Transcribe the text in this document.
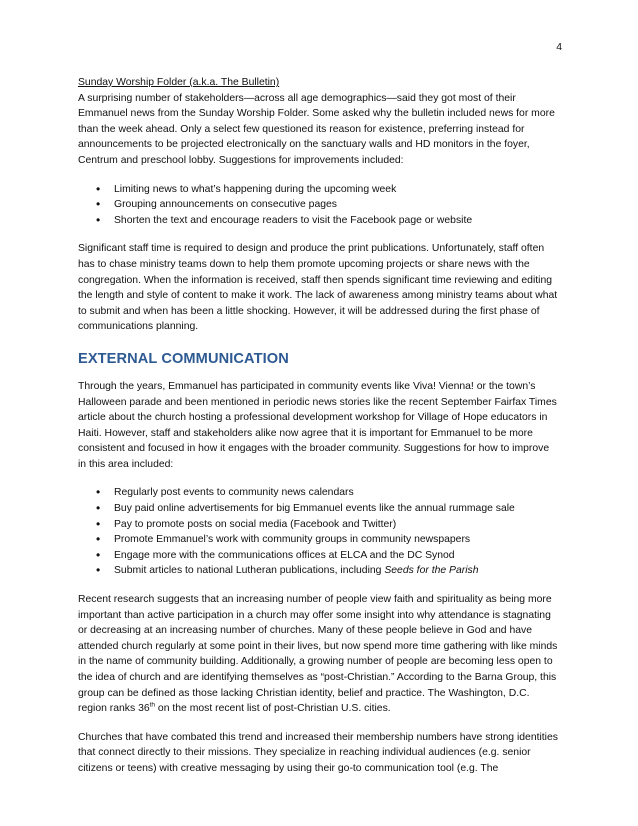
4

Sunday Worship Folder (a.k.a. The Bulletin)

A surprising number of stakeholders—across all age demographics—said they got most of their Emmanuel news from the Sunday Worship Folder. Some asked why the bulletin included news for more than the week ahead. Only a select few questioned its reason for existence, preferring instead for announcements to be projected electronically on the sanctuary walls and HD monitors in the foyer, Centrum and preschool lobby. Suggestions for improvements included:

• Limiting news to what’s happening during the upcoming week
• Grouping announcements on consecutive pages
• Shorten the text and encourage readers to visit the Facebook page or website

Significant staff time is required to design and produce the print publications. Unfortunately, staff often has to chase ministry teams down to help them promote upcoming projects or share news with the congregation. When the information is received, staff then spends significant time reviewing and editing the length and style of content to make it work. The lack of awareness among ministry teams about what to submit and when has been a little shocking. However, it will be addressed during the first phase of communications planning.

EXTERNAL COMMUNICATION

Through the years, Emmanuel has participated in community events like Viva! Vienna! or the town’s Halloween parade and been mentioned in periodic news stories like the recent September Fairfax Times article about the church hosting a professional development workshop for Village of Hope educators in Haiti. However, staff and stakeholders alike now agree that it is important for Emmanuel to be more consistent and focused in how it engages with the broader community. Suggestions for how to improve in this area included:

• Regularly post events to community news calendars
• Buy paid online advertisements for big Emmanuel events like the annual rummage sale
• Pay to promote posts on social media (Facebook and Twitter)
• Promote Emmanuel’s work with community groups in community newspapers
• Engage more with the communications offices at ELCA and the DC Synod
• Submit articles to national Lutheran publications, including Seeds for the Parish

Recent research suggests that an increasing number of people view faith and spirituality as being more important than active participation in a church may offer some insight into why attendance is stagnating or decreasing at an increasing number of churches. Many of these people believe in God and have attended church regularly at some point in their lives, but now spend more time gathering with like minds in the name of community building. Additionally, a growing number of people are becoming less open to the idea of church and are identifying themselves as “post-Christian.” According to the Barna Group, this group can be defined as those lacking Christian identity, belief and practice. The Washington, D.C. region ranks 36th on the most recent list of post-Christian U.S. cities.

Churches that have combated this trend and increased their membership numbers have strong identities that connect directly to their missions. They specialize in reaching individual audiences (e.g. senior citizens or teens) with creative messaging by using their go-to communication tool (e.g. The
